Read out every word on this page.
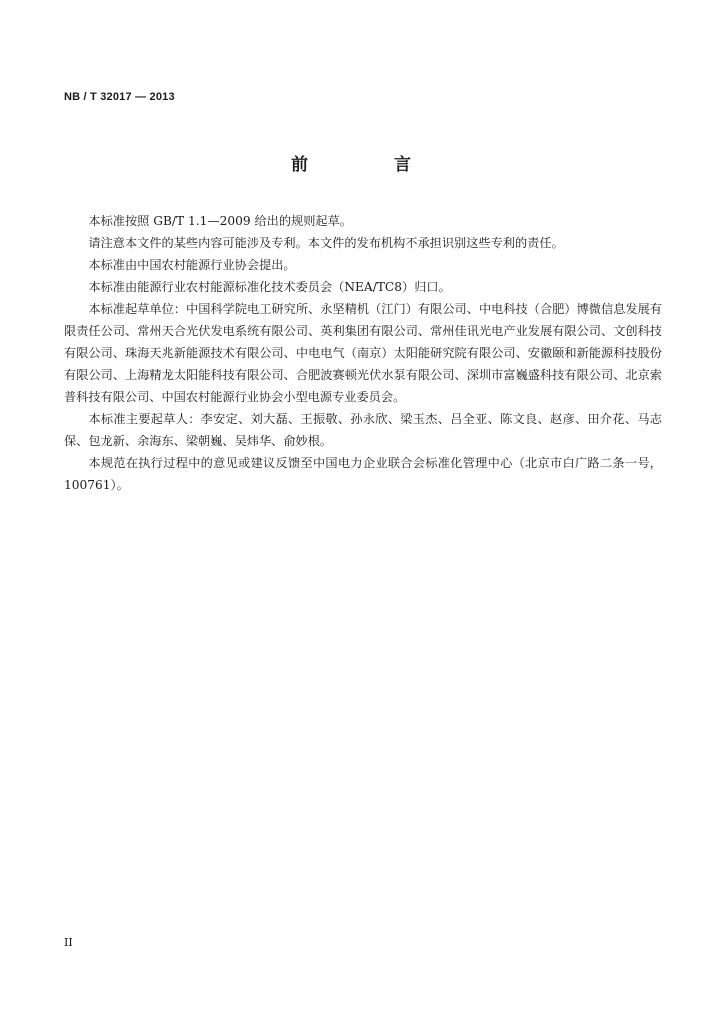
NB / T 32017 — 2013
前 言

本标准按照 GB/T 1.1—2009 给出的规则起草。

请注意本文件的某些内容可能涉及专利。本文件的发布机构不承担识别这些专利的责任。

本标准由中国农村能源行业协会提出。

本标准由能源行业农村能源标准化技术委员会（NEA/TC8）归口。

本标准起草单位：中国科学院电工研究所、永坚精机（江门）有限公司、中电科技（合肥）博微信息发展有限责任公司、常州天合光伏发电系统有限公司、英利集团有限公司、常州佳讯光电产业发展有限公司、文创科技有限公司、珠海天兆新能源技术有限公司、中电电气（南京）太阳能研究院有限公司、安徽颐和新能源科技股份有限公司、上海精龙太阳能科技有限公司、合肥波赛顿光伏水泵有限公司、深圳市富巍盛科技有限公司、北京索普科技有限公司、中国农村能源行业协会小型电源专业委员会。

本标准主要起草人：李安定、刘大磊、王振敬、孙永欣、梁玉杰、吕全亚、陈文良、赵彦、田介花、马志保、包龙新、余海东、梁朝巍、吴炜华、俞妙根。

本规范在执行过程中的意见或建议反馈至中国电力企业联合会标准化管理中心（北京市白广路二条一号，100761）。

II
